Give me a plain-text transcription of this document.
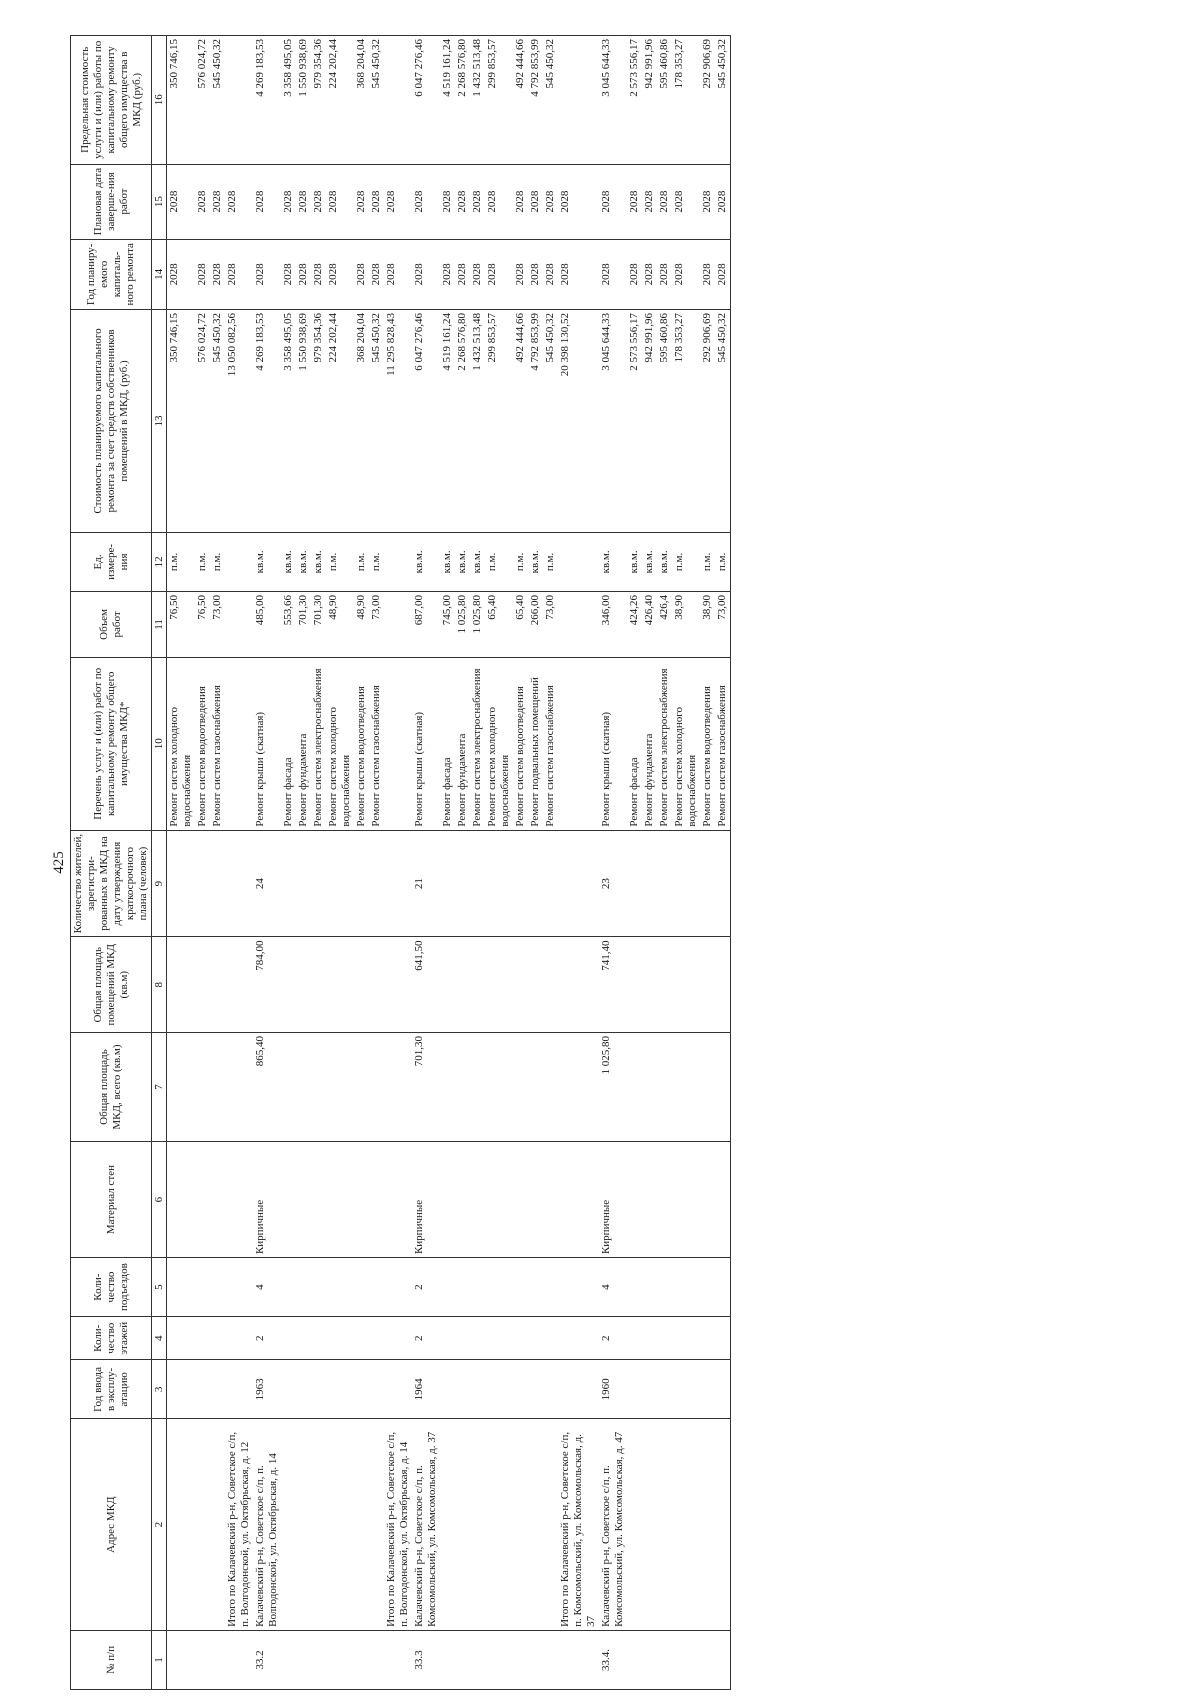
425
№ п/п	Адрес МКД	Год ввода в эксплу-атацию	Коли-чество этажей	Коли-чество подъездов	Материал стен	Общая площадь МКД, всего (кв.м)	Общая площадь помещений МКД (кв.м)	Количество жителей, зарегистри-рованных в МКД на дату утверждения краткосрочного плана (человек)	Перечень услуг и (или) работ по капитальному ремонту общего имущества МКД*	Объем работ	Ед. измере-ния	Стоимость планируемого капитального ремонта за счет средств собственников помещений в МКД, (руб.)	Год планиру-емого капиталь-ного ремонта	Плановая дата заверше-ния работ	Предельная стоимость услуги и (или) работы по капитальному ремонту общего имущества в МКД (руб.)
1	2	3	4	5	6	7	8	9	10	11	12	13	14	15	16
									Ремонт систем холодного водоснабжения	76,50	п.м.	350 746,15	2028	2028	350 746,15
									Ремонт систем водоотведения	76,50	п.м.	576 024,72	2028	2028	576 024,72
									Ремонт систем газоснабжения	73,00	п.м.	545 450,32	2028	2028	545 450,32
	Итого по Калачевский р-н, Советское с/п, п. Волгодонской, ул. Октябрьская, д. 12											13 050 082,56	2028	2028	
33.2	Калачевский р-н, Советское с/п, п. Волгодонской, ул. Октябрьская, д. 14	1963	2	4	Кирпичные	865,40	784,00	24	Ремонт крыши (скатная)	485,00	кв.м.	4 269 183,53	2028	2028	4 269 183,53
									Ремонт фасада	553,66	кв.м.	3 358 495,05	2028	2028	3 358 495,05
									Ремонт фундамента	701,30	кв.м.	1 550 938,69	2028	2028	1 550 938,69
									Ремонт систем электроснабжения	701,30	кв.м.	979 354,36	2028	2028	979 354,36
									Ремонт систем холодного водоснабжения	48,90	п.м.	224 202,44	2028	2028	224 202,44
									Ремонт систем водоотведения	48,90	п.м.	368 204,04	2028	2028	368 204,04
									Ремонт систем газоснабжения	73,00	п.м.	545 450,32	2028	2028	545 450,32
	Итого по Калачевский р-н, Советское с/п, п. Волгодонской, ул. Октябрьская, д. 14											11 295 828,43	2028	2028	
33.3	Калачевский р-н, Советское с/п, п. Комсомольский, ул. Комсомольская, д. 37	1964	2	2	Кирпичные	701,30	641,50	21	Ремонт крыши (скатная)	687,00	кв.м.	6 047 276,46	2028	2028	6 047 276,46
									Ремонт фасада	745,00	кв.м.	4 519 161,24	2028	2028	4 519 161,24
									Ремонт фундамента	1 025,80	кв.м.	2 268 576,80	2028	2028	2 268 576,80
									Ремонт систем электроснабжения	1 025,80	кв.м.	1 432 513,48	2028	2028	1 432 513,48
									Ремонт систем холодного водоснабжения	65,40	п.м.	299 853,57	2028	2028	299 853,57
									Ремонт систем водоотведения	65,40	п.м.	492 444,66	2028	2028	492 444,66
									Ремонт подвальных помещений	266,00	кв.м.	4 792 853,99	2028	2028	4 792 853,99
									Ремонт систем газоснабжения	73,00	п.м.	545 450,32	2028	2028	545 450,32
	Итого по Калачевский р-н, Советское с/п, п. Комсомольский, ул. Комсомольская, д. 37											20 398 130,52	2028	2028	
33.4.	Калачевский р-н, Советское с/п, п. Комсомольский, ул. Комсомольская, д. 47	1960	2	4	Кирпичные	1 025,80	741,40	23	Ремонт крыши (скатная)	346,00	кв.м.	3 045 644,33	2028	2028	3 045 644,33
									Ремонт фасада	424,26	кв.м.	2 573 556,17	2028	2028	2 573 556,17
									Ремонт фундамента	426,40	кв.м.	942 991,96	2028	2028	942 991,96
									Ремонт систем электроснабжения	426,4	кв.м.	595 460,86	2028	2028	595 460,86
									Ремонт систем холодного водоснабжения	38,90	п.м.	178 353,27	2028	2028	178 353,27
									Ремонт систем водоотведения	38,90	п.м.	292 906,69	2028	2028	292 906,69
									Ремонт систем газоснабжения	73,00	п.м.	545 450,32	2028	2028	545 450,32
